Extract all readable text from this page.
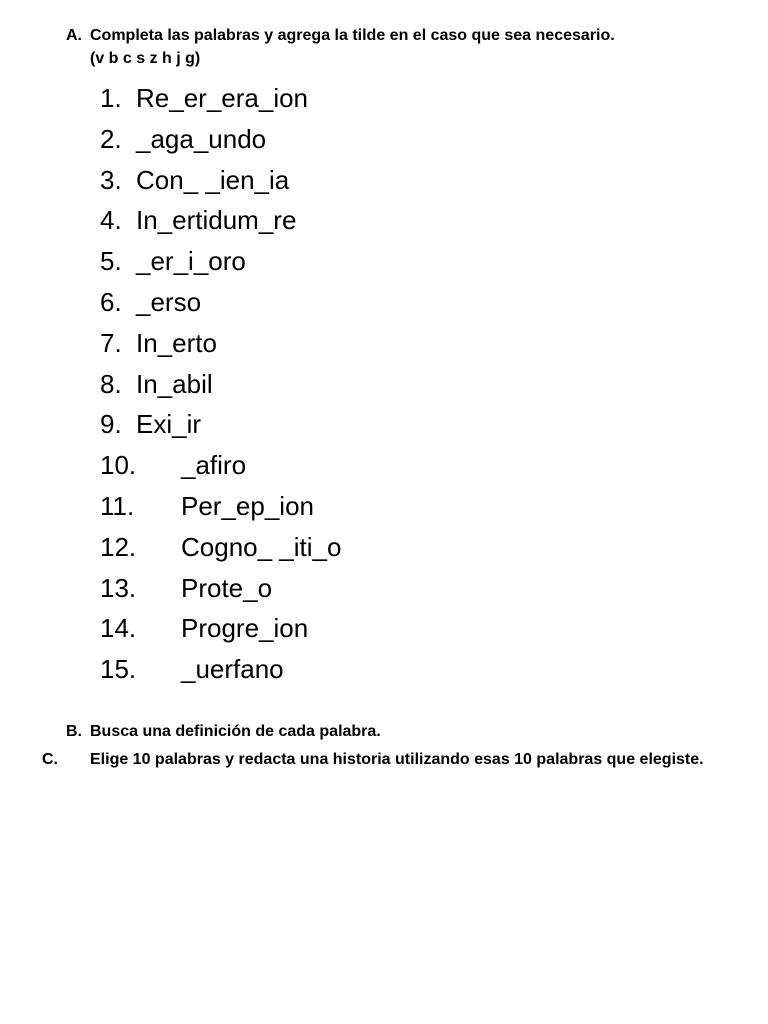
A. Completa las palabras y agrega la tilde en el caso que sea necesario.
(v b c s z h j g)
1. Re_er_era_ion
2. _aga_undo
3. Con_ _ien_ia
4. In_ertidum_re
5. _er_i_oro
6. _erso
7. In_erto
8. In_abil
9. Exi_ir
10.	_afiro
11.	Per_ep_ion
12.	Cogno_ _iti_o
13.	Prote_o
14.	Progre_ion
15.	_uerfano
B. Busca una definición de cada palabra.
C. Elige 10 palabras y redacta una historia utilizando esas 10 palabras que elegiste.
